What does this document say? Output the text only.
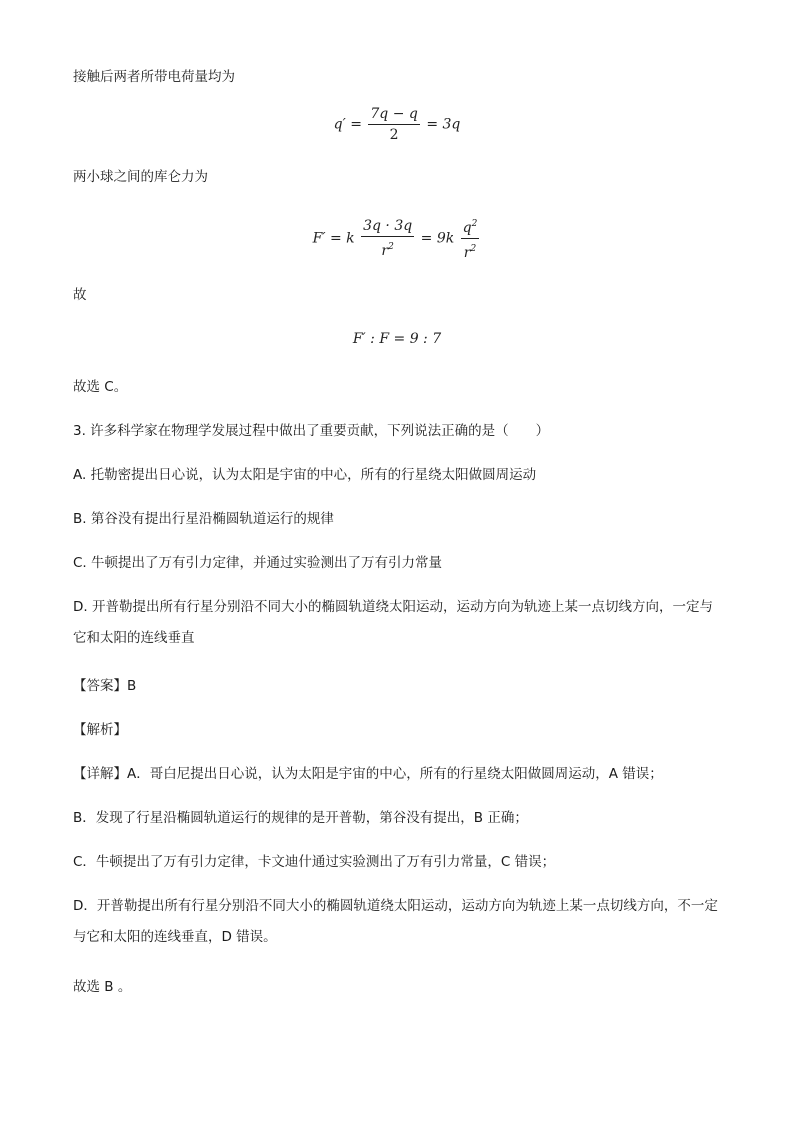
接触后两者所带电荷量均为
$q' = \frac{7q - q}{2} = 3q$
两小球之间的库仑力为
F′ = k $\frac{3q \cdot 3q}{r^2} = 9k \frac{q^2}{r^2}$
故
F′ : F = 9 : 7
故选 C。
3. 许多科学家在物理学发展过程中做出了重要贡献，下列说法正确的是（　　）
A. 托勒密提出日心说，认为太阳是宇宙的中心，所有的行星绕太阳做圆周运动
B. 第谷没有提出行星沿椭圆轨道运行的规律
C. 牛顿提出了万有引力定律，并通过实验测出了万有引力常量
D. 开普勒提出所有行星分别沿不同大小的椭圆轨道绕太阳运动，运动方向为轨迹上某一点切线方向，一定与它和太阳的连线垂直
【答案】B
【解析】
【详解】A．哥白尼提出日心说，认为太阳是宇宙的中心，所有的行星绕太阳做圆周运动，A 错误；
B．发现了行星沿椭圆轨道运行的规律的是开普勒，第谷没有提出，B 正确；
C．牛顿提出了万有引力定律，卡文迪什通过实验测出了万有引力常量，C 错误；
D．开普勒提出所有行星分别沿不同大小的椭圆轨道绕太阳运动，运动方向为轨迹上某一点切线方向，不一定与它和太阳的连线垂直，D 错误。
故选 B 。
